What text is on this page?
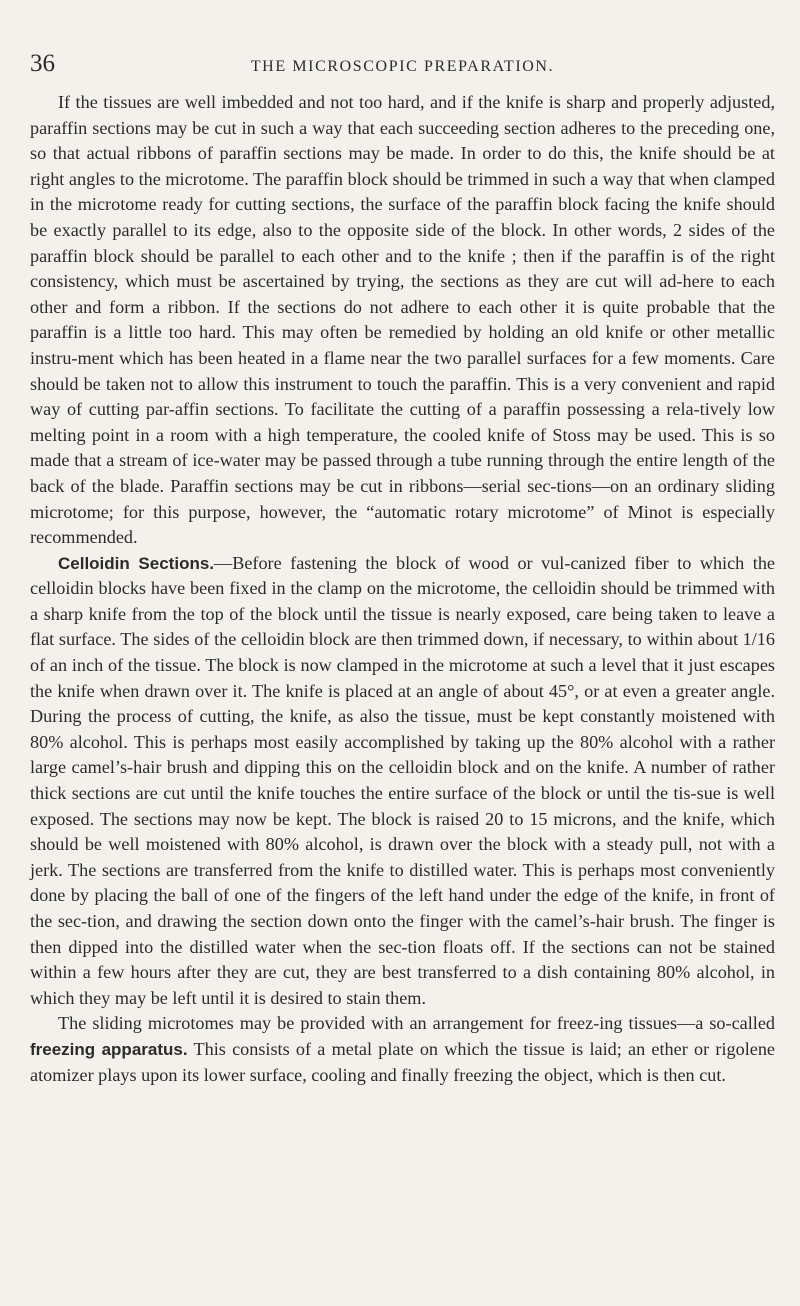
36	THE MICROSCOPIC PREPARATION.

If the tissues are well imbedded and not too hard, and if the knife is sharp and properly adjusted, paraffin sections may be cut in such a way that each succeeding section adheres to the preceding one, so that actual ribbons of paraffin sections may be made. In order to do this, the knife should be at right angles to the microtome. The paraffin block should be trimmed in such a way that when clamped in the microtome ready for cutting sections, the surface of the paraffin block facing the knife should be exactly parallel to its edge, also to the opposite side of the block. In other words, 2 sides of the paraffin block should be parallel to each other and to the knife ; then if the paraffin is of the right consistency, which must be ascertained by trying, the sections as they are cut will ad-here to each other and form a ribbon. If the sections do not adhere to each other it is quite probable that the paraffin is a little too hard. This may often be remedied by holding an old knife or other metallic instru-ment which has been heated in a flame near the two parallel surfaces for a few moments. Care should be taken not to allow this instrument to touch the paraffin. This is a very convenient and rapid way of cutting par-affin sections. To facilitate the cutting of a paraffin possessing a rela-tively low melting point in a room with a high temperature, the cooled knife of Stoss may be used. This is so made that a stream of ice-water may be passed through a tube running through the entire length of the back of the blade. Paraffin sections may be cut in ribbons—serial sec-tions—on an ordinary sliding microtome; for this purpose, however, the “automatic rotary microtome” of Minot is especially recommended.

Celloidin Sections.—Before fastening the block of wood or vul-canized fiber to which the celloidin blocks have been fixed in the clamp on the microtome, the celloidin should be trimmed with a sharp knife from the top of the block until the tissue is nearly exposed, care being taken to leave a flat surface. The sides of the celloidin block are then trimmed down, if necessary, to within about 1/16 of an inch of the tissue. The block is now clamped in the microtome at such a level that it just escapes the knife when drawn over it. The knife is placed at an angle of about 45°, or at even a greater angle. During the process of cutting, the knife, as also the tissue, must be kept constantly moistened with 80% alcohol. This is perhaps most easily accomplished by taking up the 80% alcohol with a rather large camel’s-hair brush and dipping this on the celloidin block and on the knife. A number of rather thick sections are cut until the knife touches the entire surface of the block or until the tis-sue is well exposed. The sections may now be kept. The block is raised 20 to 15 microns, and the knife, which should be well moistened with 80% alcohol, is drawn over the block with a steady pull, not with a jerk. The sections are transferred from the knife to distilled water. This is perhaps most conveniently done by placing the ball of one of the fingers of the left hand under the edge of the knife, in front of the sec-tion, and drawing the section down onto the finger with the camel’s-hair brush. The finger is then dipped into the distilled water when the sec-tion floats off. If the sections can not be stained within a few hours after they are cut, they are best transferred to a dish containing 80% alcohol, in which they may be left until it is desired to stain them.

The sliding microtomes may be provided with an arrangement for freez-ing tissues—a so-called freezing apparatus. This consists of a metal plate on which the tissue is laid; an ether or rigolene atomizer plays upon its lower surface, cooling and finally freezing the object, which is then cut.
